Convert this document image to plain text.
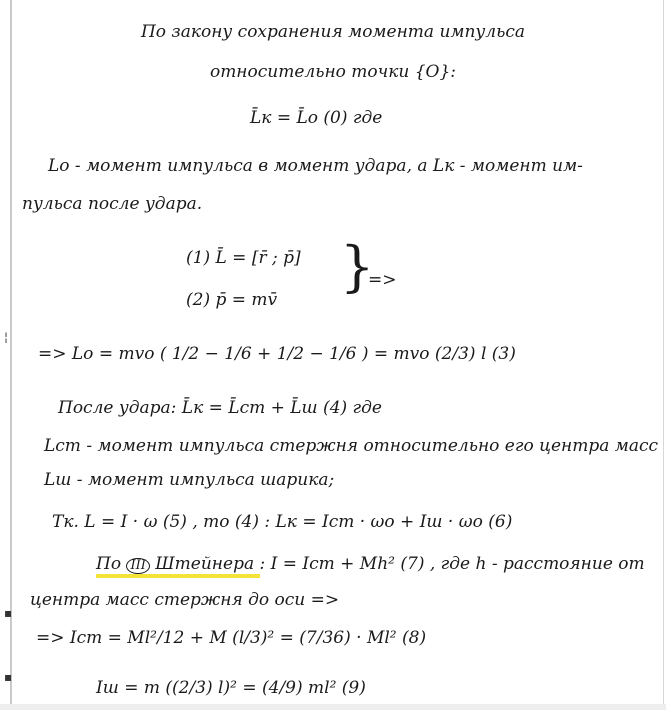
По закону сохранения момента импульса
относительно точки {O}:
L̄к = L̄о (0) где
Lо - момент импульса в момент удара, а Lк - момент им-
пульса после удара.
(1) L̄ = [r̄ ; p̄]
(2) p̄ = mv̄
}
=>
¦
=> Lо = mvо ( 1/2 − 1/6 + 1/2 − 1/6 ) = mvо (2/3) l (3)
После удара: L̄к = L̄ст + L̄ш (4) где
Lст - момент импульса стержня относительно его центра масс
Lш - момент импульса шарика;
Тк. L = I · ω (5) , то (4) : Lк = Iст · ωо + Iш · ωо (6)
По III Штейнера : I = Iст + Mh² (7) , где h - расстояние от
центра масс стержня до оси =>
▪
=> Iст = Ml²/12 + M (l/3)² = (7/36) · Ml² (8)
▪
Iш = m ((2/3) l)² = (4/9) ml² (9)
